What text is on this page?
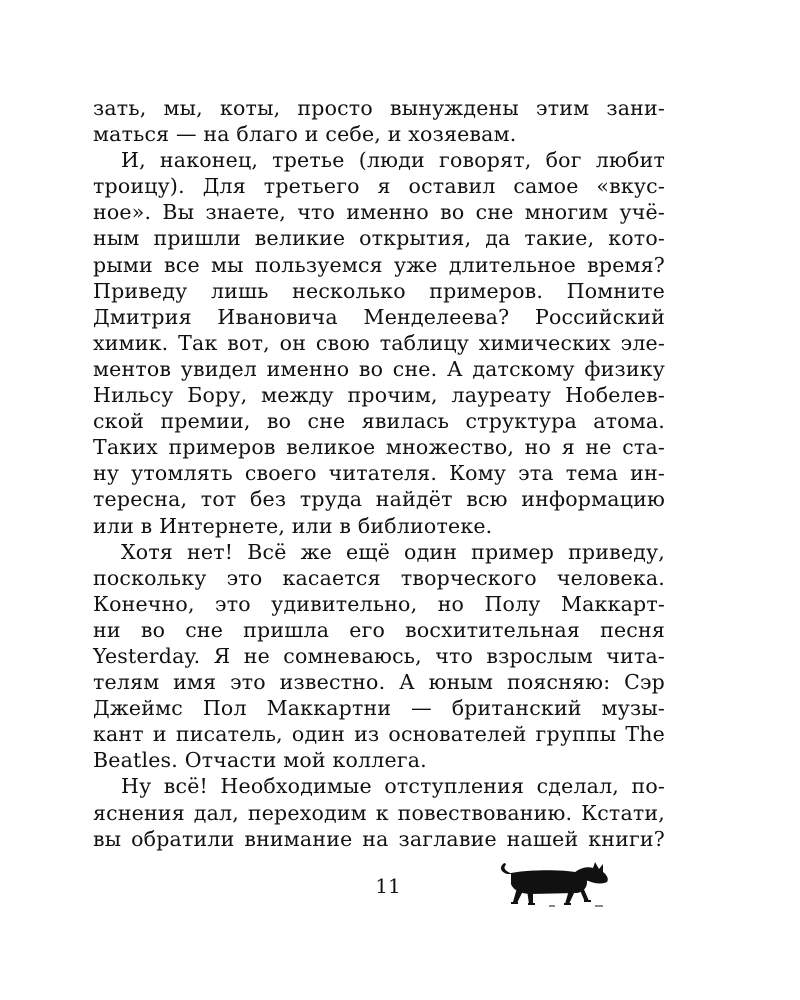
зать, мы, коты, просто вынуждены этим зани-
маться — на благо и себе, и хозяевам.
И, наконец, третье (люди говорят, бог любит
троицу). Для третьего я оставил самое «вкус-
ное». Вы знаете, что именно во сне многим учё-
ным пришли великие открытия, да такие, кото-
рыми все мы пользуемся уже длительное время?
Приведу лишь несколько примеров. Помните
Дмитрия Ивановича Менделеева? Российский
химик. Так вот, он свою таблицу химических эле-
ментов увидел именно во сне. А датскому физику
Нильсу Бору, между прочим, лауреату Нобелев-
ской премии, во сне явилась структура атома.
Таких примеров великое множество, но я не ста-
ну утомлять своего читателя. Кому эта тема ин-
тересна, тот без труда найдёт всю информацию
или в Интернете, или в библиотеке.
Хотя нет! Всё же ещё один пример приведу,
поскольку это касается творческого человека.
Конечно, это удивительно, но Полу Маккарт-
ни во сне пришла его восхитительная песня
Yesterday. Я не сомневаюсь, что взрослым чита-
телям имя это известно. А юным поясняю: Сэр
Джеймс Пол Маккартни — британский музы-
кант и писатель, один из основателей группы The
Beatles. Отчасти мой коллега.
Ну всё! Необходимые отступления сделал, по-
яснения дал, переходим к повествованию. Кстати,
вы обратили внимание на заглавие нашей книги?
11
